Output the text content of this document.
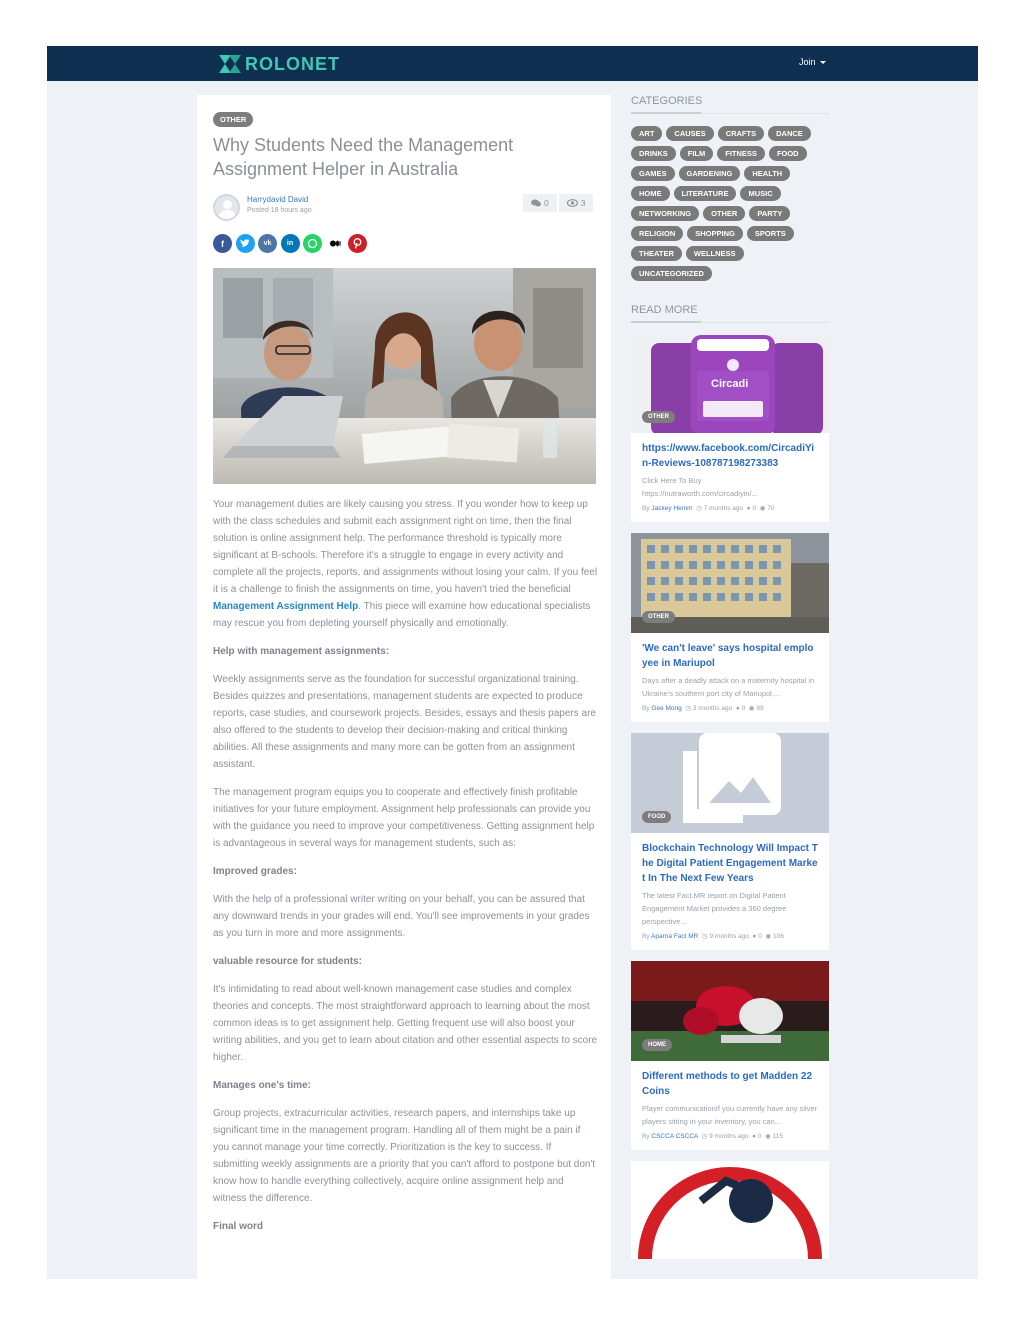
ROLONET	Join
OTHER
Why Students Need the Management Assignment Helper in Australia
Harrydavid David
Posted 18 hours ago
0	3
f	vk	in

Your management duties are likely causing you stress. If you wonder how to keep up with the class schedules and submit each assignment right on time, then the final solution is online assignment help. The performance threshold is typically more significant at B-schools. Therefore it's a struggle to engage in every activity and complete all the projects, reports, and assignments without losing your calm. If you feel it is a challenge to finish the assignments on time, you haven't tried the beneficial Management Assignment Help. This piece will examine how educational specialists may rescue you from depleting yourself physically and emotionally.

Help with management assignments:

Weekly assignments serve as the foundation for successful organizational training. Besides quizzes and presentations, management students are expected to produce reports, case studies, and coursework projects. Besides, essays and thesis papers are also offered to the students to develop their decision-making and critical thinking abilities. All these assignments and many more can be gotten from an assignment assistant.

The management program equips you to cooperate and effectively finish profitable initiatives for your future employment. Assignment help professionals can provide you with the guidance you need to improve your competitiveness. Getting assignment help is advantageous in several ways for management students, such as:

Improved grades:

With the help of a professional writer writing on your behalf, you can be assured that any downward trends in your grades will end. You'll see improvements in your grades as you turn in more and more assignments.

valuable resource for students:

It's intimidating to read about well-known management case studies and complex theories and concepts. The most straightforward approach to learning about the most common ideas is to get assignment help. Getting frequent use will also boost your writing abilities, and you get to learn about citation and other essential aspects to score higher.

Manages one's time:

Group projects, extracurricular activities, research papers, and internships take up significant time in the management program. Handling all of them might be a pain if you cannot manage your time correctly. Prioritization is the key to success. If submitting weekly assignments are a priority that you can't afford to postpone but don't know how to handle everything collectively, acquire online assignment help and witness the difference.

Final word

CATEGORIES
ART	CAUSES	CRAFTS	DANCE
DRINKS	FILM	FITNESS	FOOD
GAMES	GARDENING	HEALTH
HOME	LITERATURE	MUSIC
NETWORKING	OTHER	PARTY
RELIGION	SHOPPING	SPORTS
THEATER	WELLNESS
UNCATEGORIZED
READ MORE
Circadi
OTHER
https://www.facebook.com/CircadiYin-Reviews-108787198273383
Click Here To Buy https://nutraworth.com/circadiyin/...
By Jackey Hemm ◷ 7 months ago ● 0 ◉ 70
OTHER
'We can't leave' says hospital employee in Mariupol
Days after a deadly attack on a maternity hospital in Ukraine's southern port city of Mariupol,...
By Gee Mong ◷ 3 months ago ● 0 ◉ 99
FOOD
Blockchain Technology Will Impact The Digital Patient Engagement Market In The Next Few Years
The latest Fact.MR report on Digital Patient Engagement Market provides a 360 degree perspective...
By Aparna Fact MR ◷ 9 months ago ● 0 ◉ 106
HOME
Different methods to get Madden 22 Coins
Player communicationIf you currently have any silver players sitting in your inventory, you can...
By CSCCA CSCCA ◷ 9 months ago ● 0 ◉ 115
